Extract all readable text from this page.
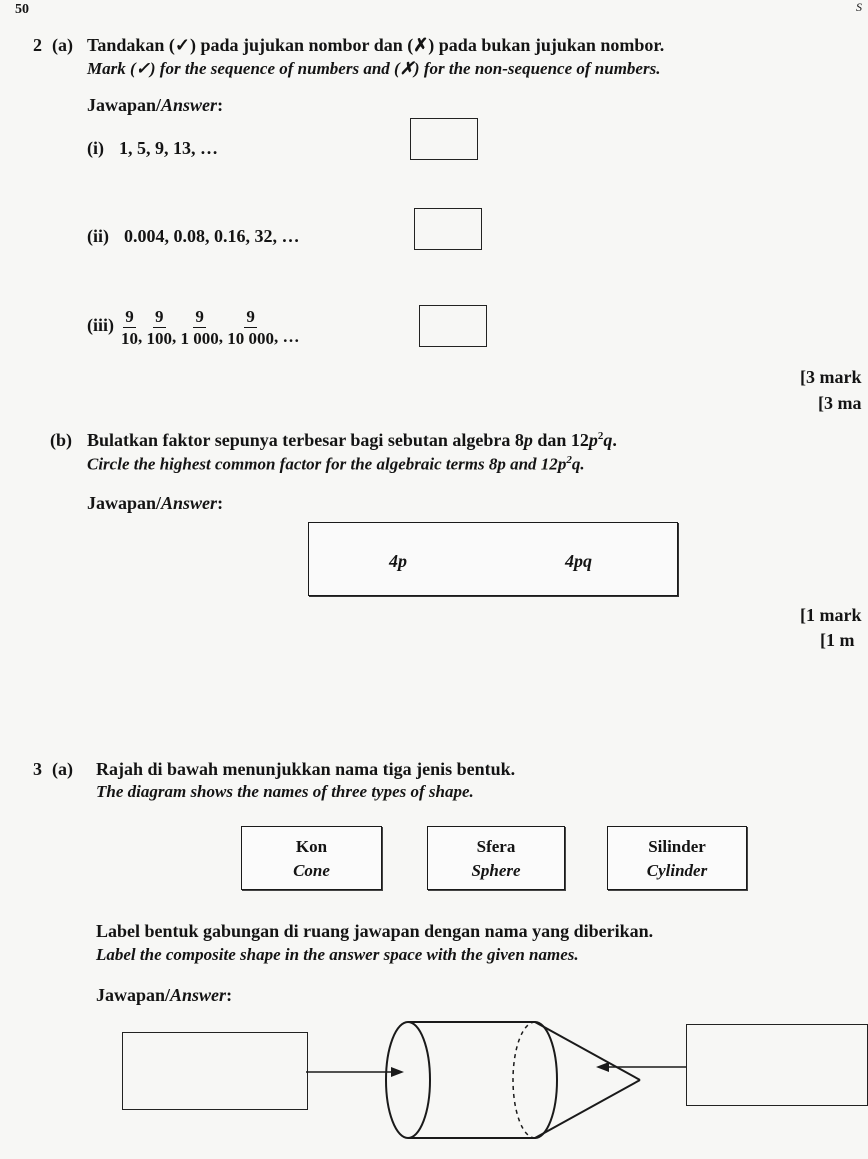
50	S
2 (a) Tandakan (✓) pada jujukan nombor dan (✗) pada bukan jujukan nombor.
Mark (✓) for the sequence of numbers and (✗) for the non-sequence of numbers.
Jawapan/Answer:
(i) 1, 5, 9, 13, …
(ii) 0.004, 0.08, 0.16, 32, …
$(iii) \frac{9}{10}$ , $\frac{9}{100}$ , $\frac{9}{1 000}$ , $\frac{9}{10 000}$ , …
[3 mark
[3 ma
(b) Bulatkan faktor sepunya terbesar bagi sebutan algebra 8p dan $12p^2q$.
Circle the highest common factor for the algebraic terms 8p and $12p^2q$.
Jawapan/Answer:
4p	4pq
[1 mark
[1 m
3 (a) Rajah di bawah menunjukkan nama tiga jenis bentuk.
The diagram shows the names of three types of shape.
Kon
Cone
Sfera
Sphere
Silinder
Cylinder
Label bentuk gabungan di ruang jawapan dengan nama yang diberikan.
Label the composite shape in the answer space with the given names.
Jawapan/Answer:
